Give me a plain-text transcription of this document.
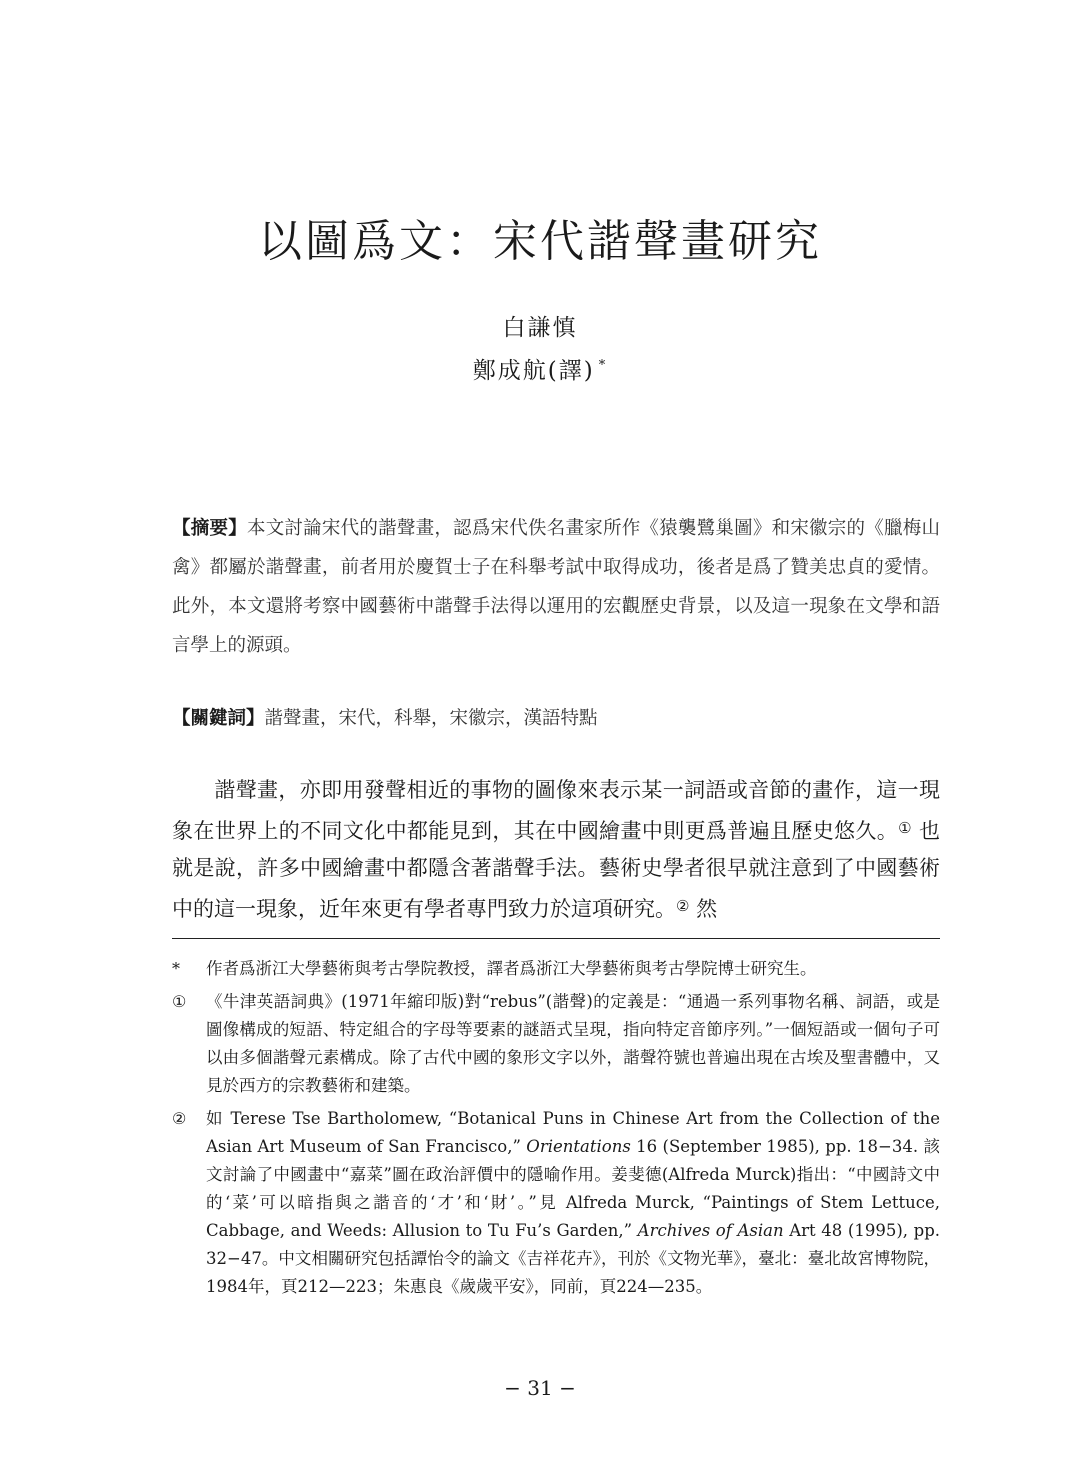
以圖爲文：宋代諧聲畫研究
白謙慎
鄭成航(譯) *
【摘要】本文討論宋代的諧聲畫，認爲宋代佚名畫家所作《猿襲鷺巢圖》和宋徽宗的《臘梅山禽》都屬於諧聲畫，前者用於慶賀士子在科舉考試中取得成功，後者是爲了贊美忠貞的愛情。此外，本文還將考察中國藝術中諧聲手法得以運用的宏觀歷史背景，以及這一現象在文學和語言學上的源頭。
【關鍵詞】諧聲畫，宋代，科舉，宋徽宗，漢語特點
諧聲畫，亦即用發聲相近的事物的圖像來表示某一詞語或音節的畫作，這一現象在世界上的不同文化中都能見到，其在中國繪畫中則更爲普遍且歷史悠久。① 也就是說，許多中國繪畫中都隱含著諧聲手法。藝術史學者很早就注意到了中國藝術中的這一現象，近年來更有學者專門致力於這項研究。② 然
*	作者爲浙江大學藝術與考古學院教授，譯者爲浙江大學藝術與考古學院博士研究生。
①	《牛津英語詞典》(1971年縮印版)對“rebus”(諧聲)的定義是：“通過一系列事物名稱、詞語，或是圖像構成的短語、特定組合的字母等要素的謎語式呈現，指向特定音節序列。”一個短語或一個句子可以由多個諧聲元素構成。除了古代中國的象形文字以外，諧聲符號也普遍出現在古埃及聖書體中，又見於西方的宗教藝術和建築。
②	如 Terese Tse Bartholomew, “Botanical Puns in Chinese Art from the Collection of the Asian Art Museum of San Francisco,” Orientations 16 (September 1985), pp. 18−34. 該文討論了中國畫中“嘉菜”圖在政治評價中的隱喻作用。姜斐德(Alfreda Murck)指出：“中國詩文中的‘菜’可以暗指與之諧音的‘才’和‘財’。”見 Alfreda Murck, “Paintings of Stem Lettuce, Cabbage, and Weeds: Allusion to Tu Fu’s Garden,” Archives of Asian Art 48 (1995), pp. 32−47。中文相關研究包括譚怡令的論文《吉祥花卉》，刊於《文物光華》，臺北：臺北故宮博物院，1984年，頁212—223；朱惠良《歲歲平安》，同前，頁224—235。
− 31 −
